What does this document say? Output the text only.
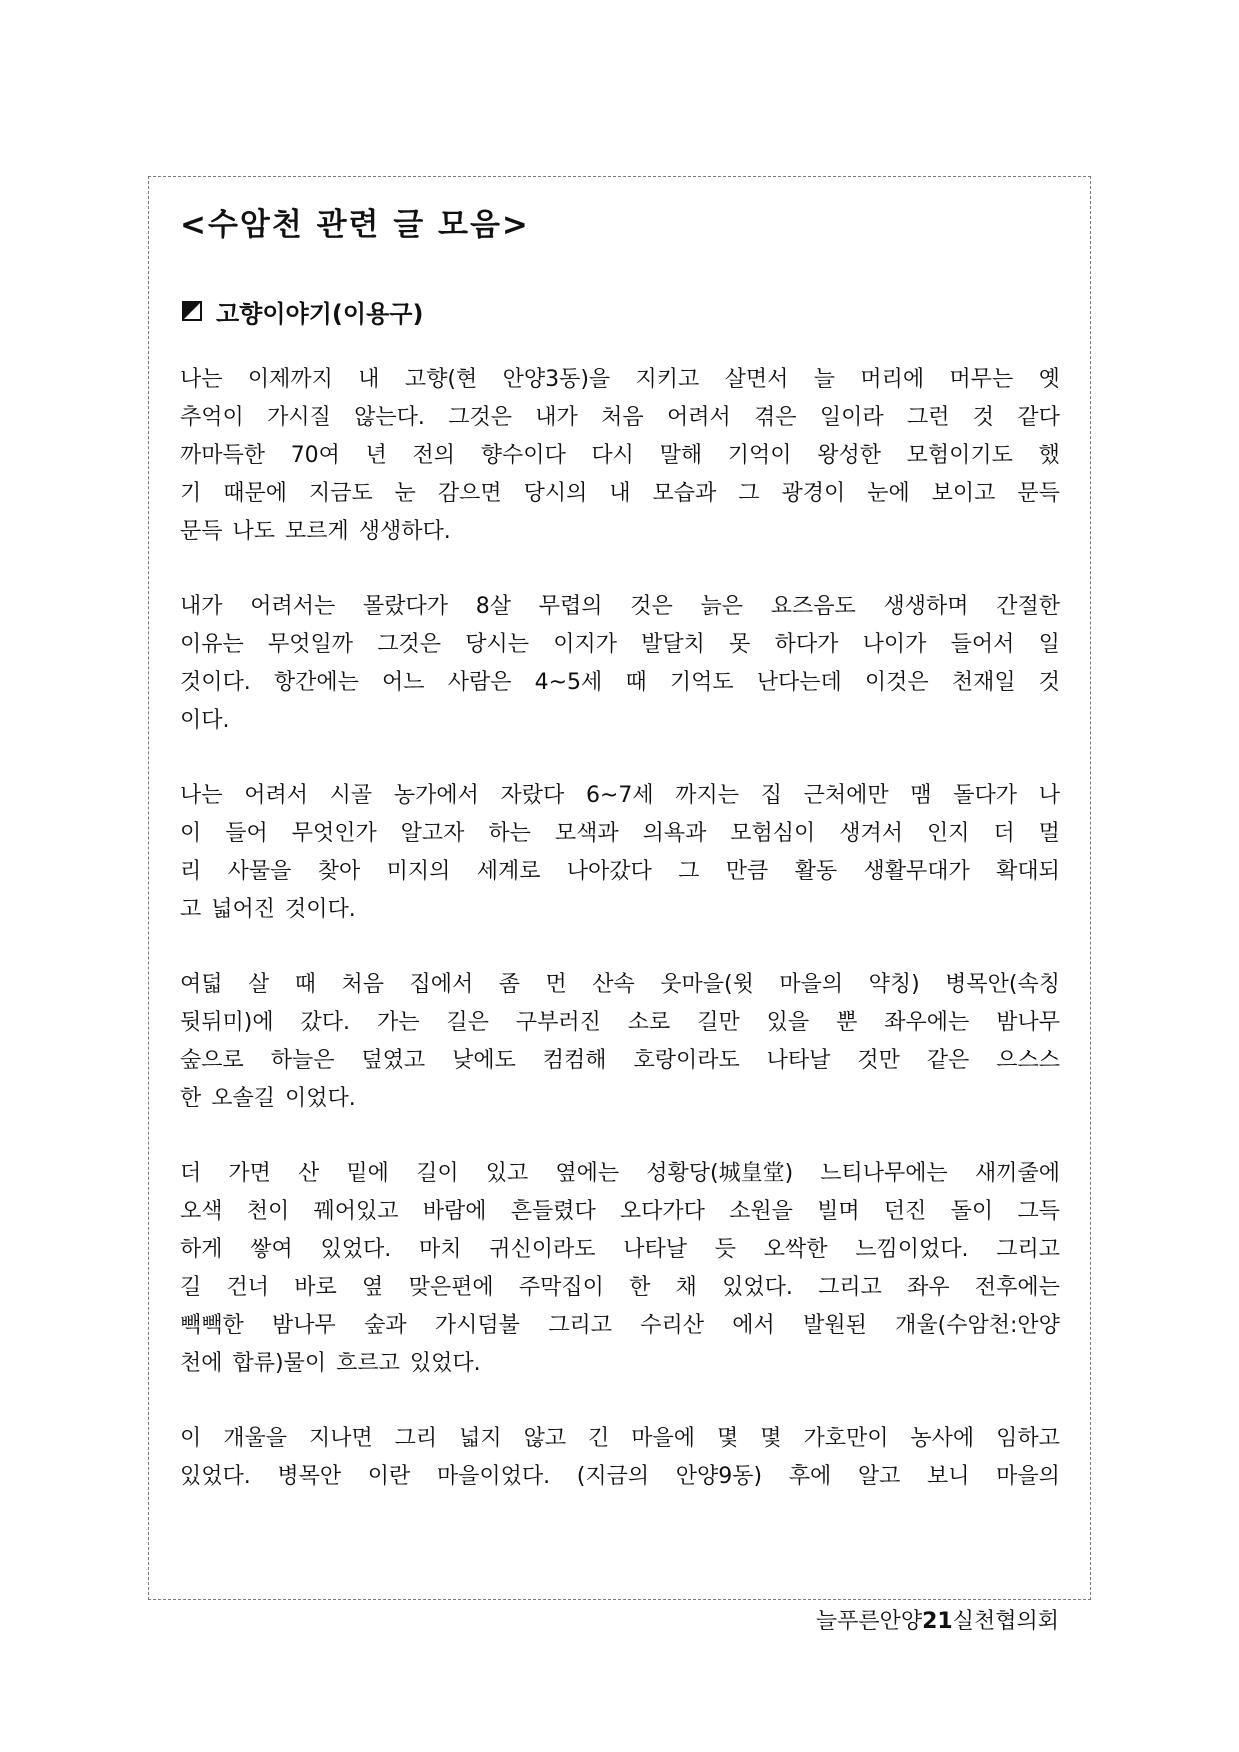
<수암천 관련 글 모음>
고향이야기(이용구)
나는 이제까지 내 고향(현 안양3동)을 지키고 살면서 늘 머리에 머무는 옛
추억이 가시질 않는다. 그것은 내가 처음 어려서 겪은 일이라 그런 것 같다
까마득한 70여 년 전의 향수이다 다시 말해 기억이 왕성한 모험이기도 했
기 때문에 지금도 눈 감으면 당시의 내 모습과 그 광경이 눈에 보이고 문득
문득 나도 모르게 생생하다.
내가 어려서는 몰랐다가 8살 무렵의 것은 늙은 요즈음도 생생하며 간절한
이유는 무엇일까 그것은 당시는 이지가 발달치 못 하다가 나이가 들어서 일
것이다. 항간에는 어느 사람은 4~5세 때 기억도 난다는데 이것은 천재일 것
이다.
나는 어려서 시골 농가에서 자랐다 6~7세 까지는 집 근처에만 맴 돌다가 나
이 들어 무엇인가 알고자 하는 모색과 의욕과 모험심이 생겨서 인지 더 멀
리 사물을 찾아 미지의 세계로 나아갔다 그 만큼 활동 생활무대가 확대되
고 넓어진 것이다.
여덟 살 때 처음 집에서 좀 먼 산속 웃마을(윗 마을의 약칭) 병목안(속칭
뒷뒤미)에 갔다. 가는 길은 구부러진 소로 길만 있을 뿐 좌우에는 밤나무
숲으로 하늘은 덮였고 낮에도 컴컴해 호랑이라도 나타날 것만 같은 으스스
한 오솔길 이었다.
더 가면 산 밑에 길이 있고 옆에는 성황당(城皇堂) 느티나무에는 새끼줄에
오색 천이 꿰어있고 바람에 흔들렸다 오다가다 소원을 빌며 던진 돌이 그득
하게 쌓여 있었다. 마치 귀신이라도 나타날 듯 오싹한 느낌이었다. 그리고
길 건너 바로 옆 맞은편에 주막집이 한 채 있었다. 그리고 좌우 전후에는
빽빽한 밤나무 숲과 가시덤불 그리고 수리산 에서 발원된 개울(수암천:안양
천에 합류)물이 흐르고 있었다.
이 개울을 지나면 그리 넓지 않고 긴 마을에 몇 몇 가호만이 농사에 임하고
있었다. 병목안 이란 마을이었다. (지금의 안양9동) 후에 알고 보니 마을의
늘푸른안양21실천협의회
